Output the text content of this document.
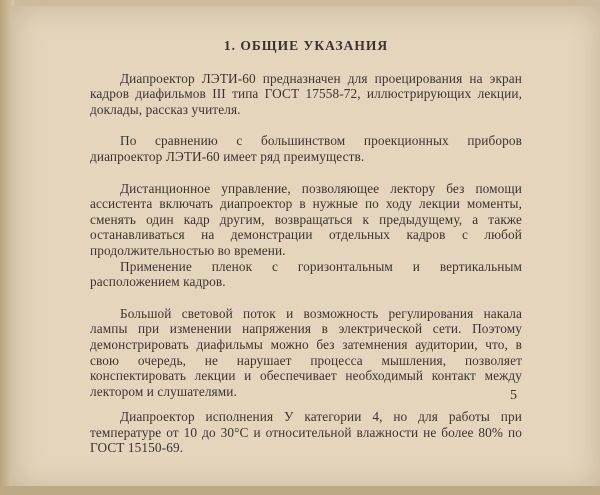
1. ОБЩИЕ УКАЗАНИЯ

Диапроектор ЛЭТИ-60 предназначен для проецирования на экран кадров диафильмов III типа ГОСТ 17558-72, иллюстрирующих лекции, доклады, рассказ учителя.

По сравнению с большинством проекционных приборов диапроектор ЛЭТИ-60 имеет ряд преимуществ.

Дистанционное управление, позволяющее лектору без помощи ассистента включать диапроектор в нужные по ходу лекции моменты, сменять один кадр другим, возвращаться к предыдущему, а также останавливаться на демонстрации отдельных кадров с любой продолжительностью во времени.

Применение пленок с горизонтальным и вертикальным расположением кадров.

Большой световой поток и возможность регулирования накала лампы при изменении напряжения в электрической сети. Поэтому демонстрировать диафильмы можно без затемнения аудитории, что, в свою очередь, не нарушает процесса мышления, позволяет конспектировать лекции и обеспечивает необходимый контакт между лектором и слушателями.

Диапроектор исполнения У категории 4, но для работы при температуре от 10 до 30°С и относительной влажности не более 80% по ГОСТ 15150-69.

5
